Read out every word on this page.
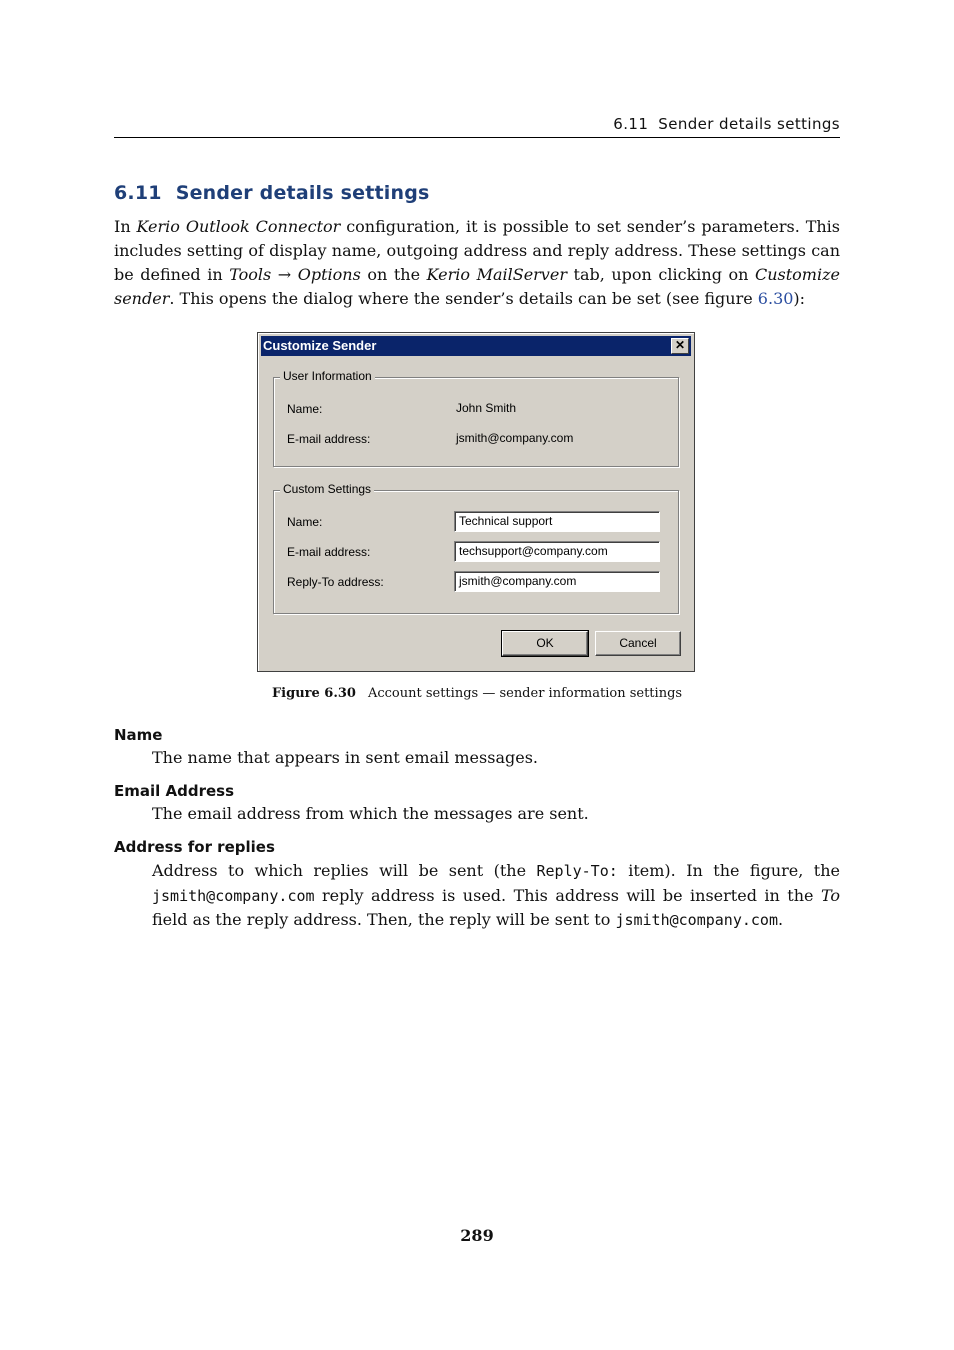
6.11 Sender details settings
6.11 Sender details settings

In Kerio Outlook Connector configuration, it is possible to set sender’s parameters. This includes setting of display name, outgoing address and reply address. These settings can be defined in Tools → Options on the Kerio MailServer tab, upon clicking on Customize sender. This opens the dialog where the sender’s details can be set (see figure 6.30):

Customize Sender	✕
User Information
Name:	John Smith
E-mail address:	jsmith@company.com
Custom Settings
Name:	Technical support
E-mail address:	techsupport@company.com
Reply-To address:	jsmith@company.com
OK	Cancel
Figure 6.30 Account settings — sender information settings
Name

The name that appears in sent email messages.

Email Address

The email address from which the messages are sent.

Address for replies

Address to which replies will be sent (the Reply-To: item). In the figure, the jsmith@company.com reply address is used. This address will be inserted in the To field as the reply address. Then, the reply will be sent to jsmith@company.com.

289
